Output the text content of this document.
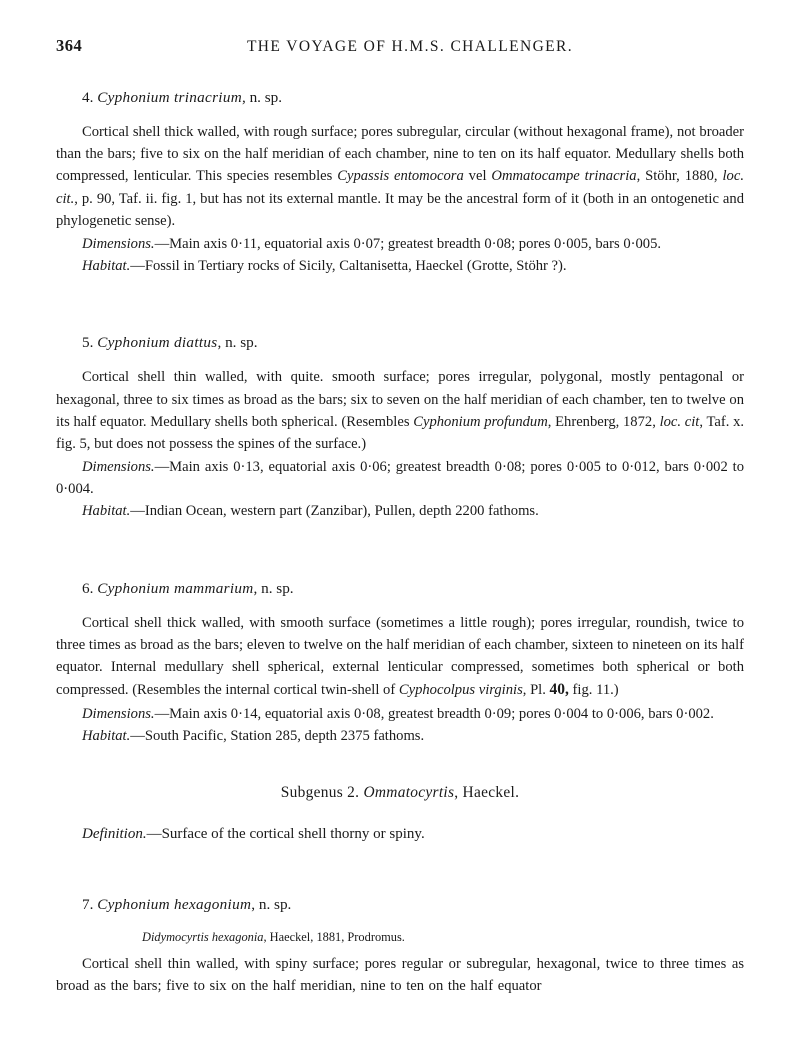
364	THE VOYAGE OF H.M.S. CHALLENGER.
4. Cyphonium trinacrium, n. sp.

Cortical shell thick walled, with rough surface; pores subregular, circular (without hexagonal frame), not broader than the bars; five to six on the half meridian of each chamber, nine to ten on its half equator. Medullary shells both compressed, lenticular. This species resembles Cypassis entomocora vel Ommatocampe trinacria, Stöhr, 1880, loc. cit., p. 90, Taf. ii. fig. 1, but has not its external mantle. It may be the ancestral form of it (both in an ontogenetic and phylogenetic sense).

Dimensions.—Main axis 0·11, equatorial axis 0·07; greatest breadth 0·08; pores 0·005, bars 0·005.

Habitat.—Fossil in Tertiary rocks of Sicily, Caltanisetta, Haeckel (Grotte, Stöhr ?).

5. Cyphonium diattus, n. sp.

Cortical shell thin walled, with quite. smooth surface; pores irregular, polygonal, mostly pentagonal or hexagonal, three to six times as broad as the bars; six to seven on the half meridian of each chamber, ten to twelve on its half equator. Medullary shells both spherical. (Resembles Cyphonium profundum, Ehrenberg, 1872, loc. cit, Taf. x. fig. 5, but does not possess the spines of the surface.)

Dimensions.—Main axis 0·13, equatorial axis 0·06; greatest breadth 0·08; pores 0·005 to 0·012, bars 0·002 to 0·004.

Habitat.—Indian Ocean, western part (Zanzibar), Pullen, depth 2200 fathoms.

6. Cyphonium mammarium, n. sp.

Cortical shell thick walled, with smooth surface (sometimes a little rough); pores irregular, roundish, twice to three times as broad as the bars; eleven to twelve on the half meridian of each chamber, sixteen to nineteen on its half equator. Internal medullary shell spherical, external lenticular compressed, sometimes both spherical or both compressed. (Resembles the internal cortical twin-shell of Cyphocolpus virginis, Pl. 40, fig. 11.)

Dimensions.—Main axis 0·14, equatorial axis 0·08, greatest breadth 0·09; pores 0·004 to 0·006, bars 0·002.

Habitat.—South Pacific, Station 285, depth 2375 fathoms.

Subgenus 2. Ommatocyrtis, Haeckel.

Definition.—Surface of the cortical shell thorny or spiny.

7. Cyphonium hexagonium, n. sp.
Didymocyrtis hexagonia, Haeckel, 1881, Prodromus.

Cortical shell thin walled, with spiny surface; pores regular or subregular, hexagonal, twice to three times as broad as the bars; five to six on the half meridian, nine to ten on the half equator
